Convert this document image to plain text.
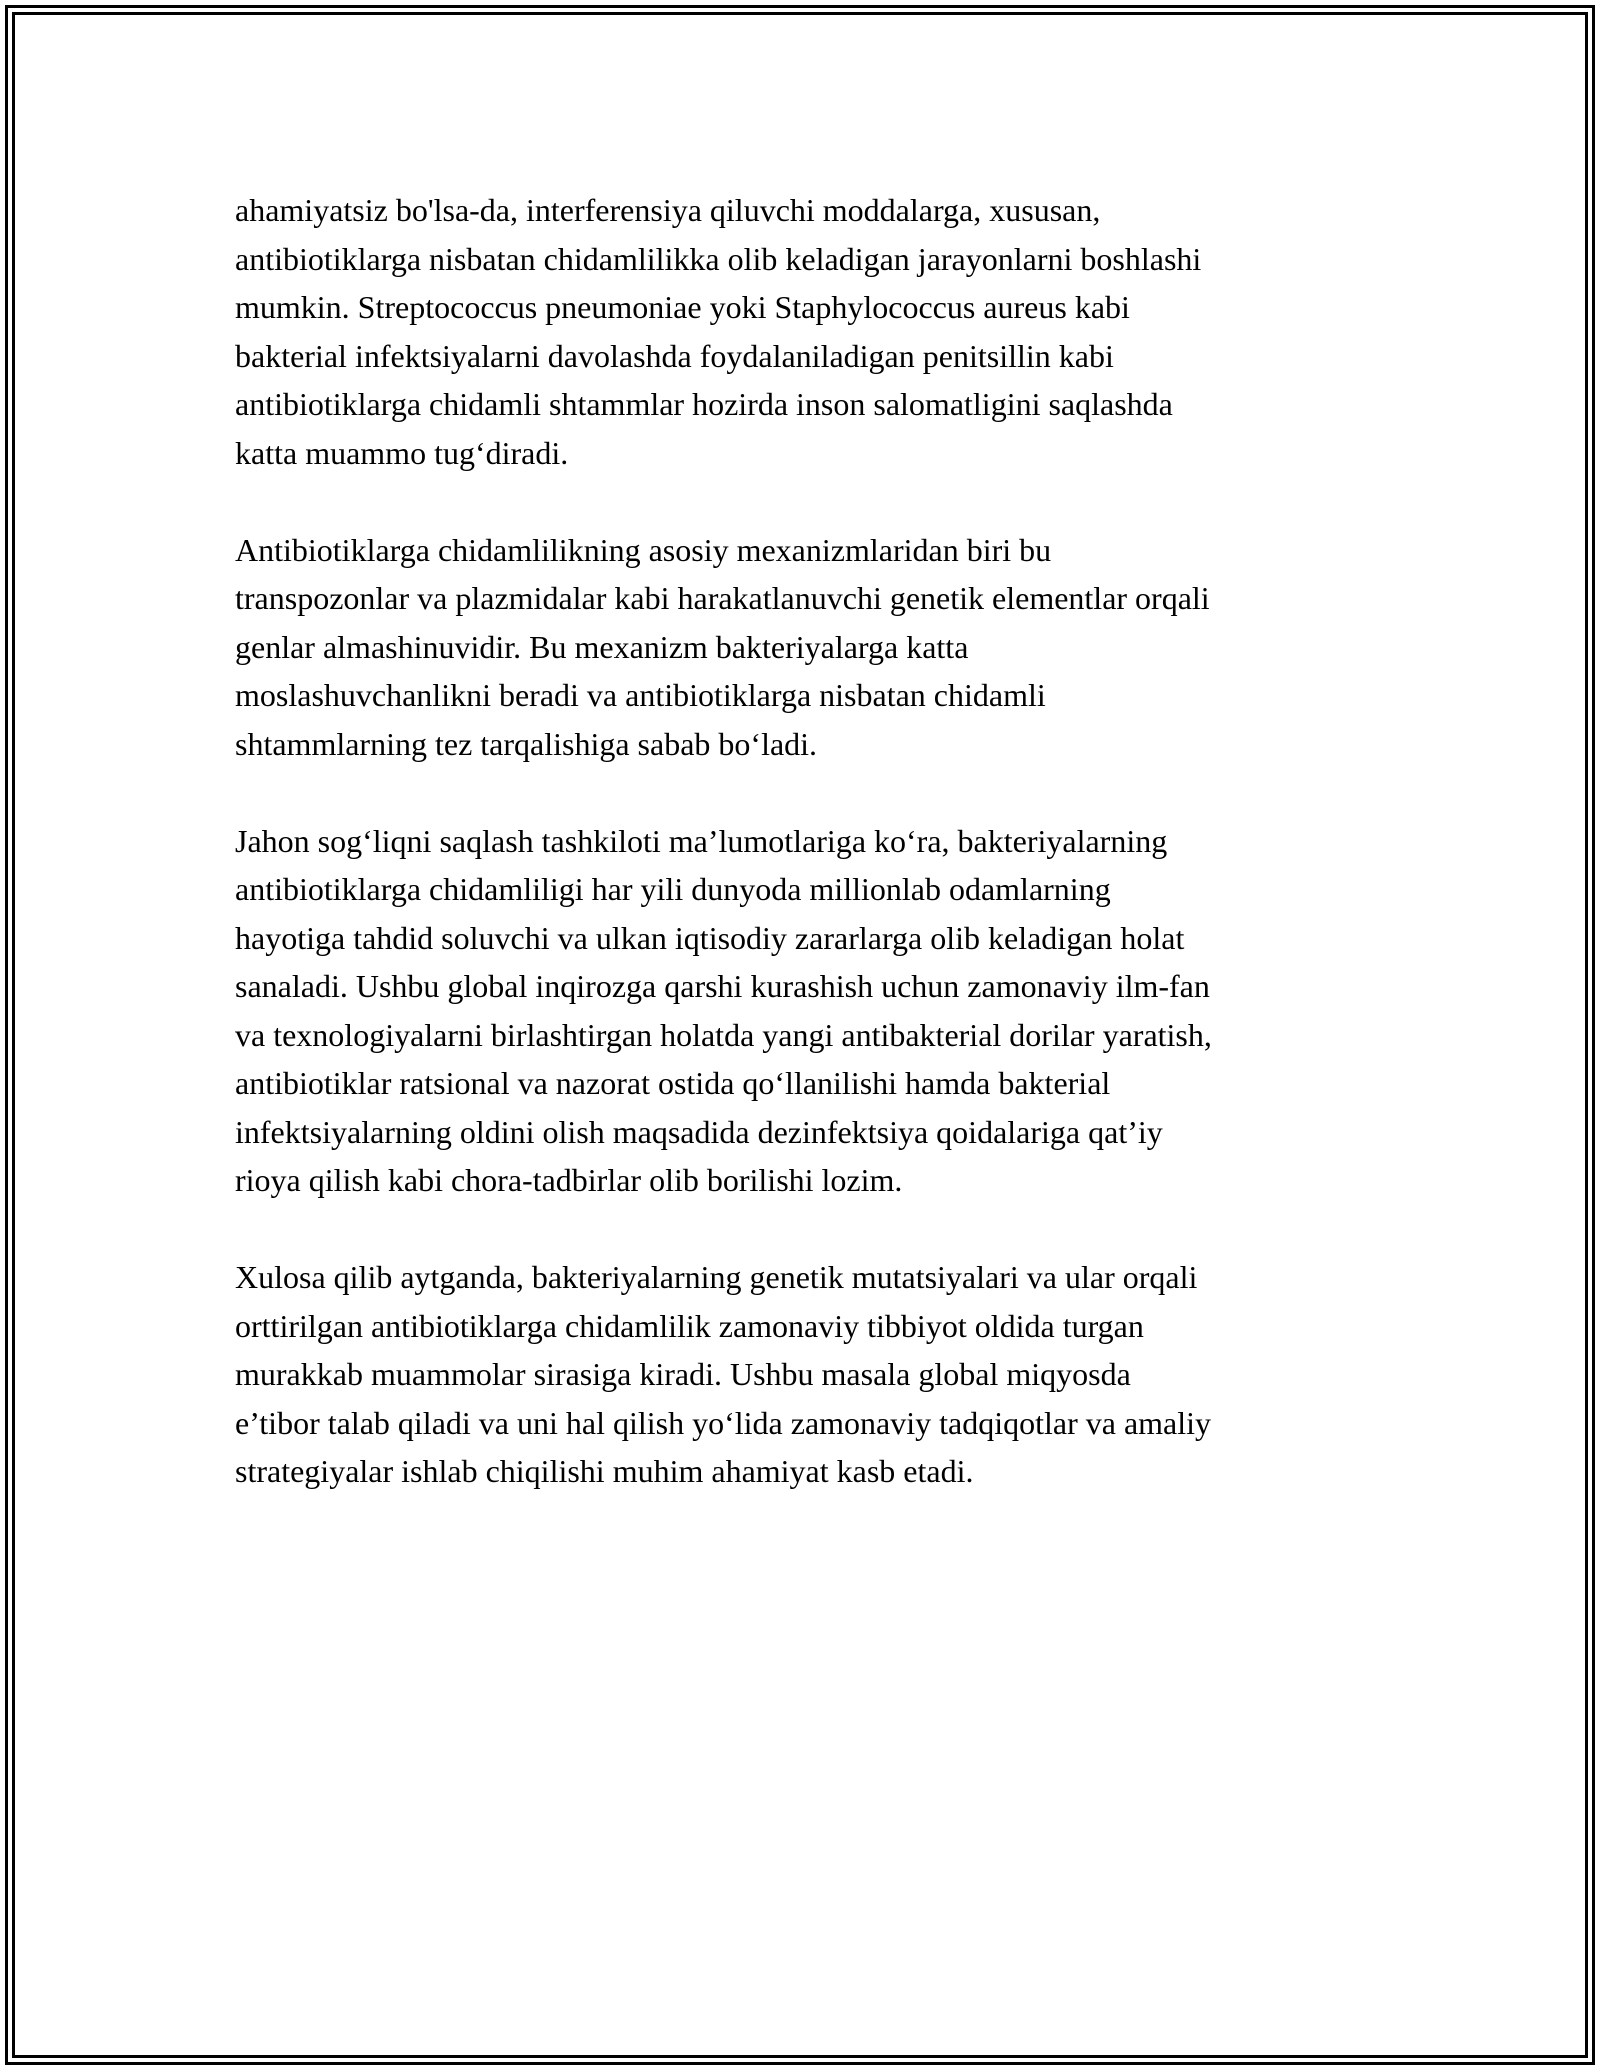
ahamiyatsiz bo'lsa-da, interferensiya qiluvchi moddalarga, xususan,
antibiotiklarga nisbatan chidamlilikka olib keladigan jarayonlarni boshlashi
mumkin. Streptococcus pneumoniae yoki Staphylococcus aureus kabi
bakterial infektsiyalarni davolashda foydalaniladigan penitsillin kabi
antibiotiklarga chidamli shtammlar hozirda inson salomatligini saqlashda
katta muammo tug‘diradi.

Antibiotiklarga chidamlilikning asosiy mexanizmlaridan biri bu
transpozonlar va plazmidalar kabi harakatlanuvchi genetik elementlar orqali
genlar almashinuvidir. Bu mexanizm bakteriyalarga katta
moslashuvchanlikni beradi va antibiotiklarga nisbatan chidamli
shtammlarning tez tarqalishiga sabab bo‘ladi.

Jahon sog‘liqni saqlash tashkiloti ma’lumotlariga ko‘ra, bakteriyalarning
antibiotiklarga chidamliligi har yili dunyoda millionlab odamlarning
hayotiga tahdid soluvchi va ulkan iqtisodiy zararlarga olib keladigan holat
sanaladi. Ushbu global inqirozga qarshi kurashish uchun zamonaviy ilm-fan
va texnologiyalarni birlashtirgan holatda yangi antibakterial dorilar yaratish,
antibiotiklar ratsional va nazorat ostida qo‘llanilishi hamda bakterial
infektsiyalarning oldini olish maqsadida dezinfektsiya qoidalariga qat’iy
rioya qilish kabi chora-tadbirlar olib borilishi lozim.

Xulosa qilib aytganda, bakteriyalarning genetik mutatsiyalari va ular orqali
orttirilgan antibiotiklarga chidamlilik zamonaviy tibbiyot oldida turgan
murakkab muammolar sirasiga kiradi. Ushbu masala global miqyosda
e’tibor talab qiladi va uni hal qilish yo‘lida zamonaviy tadqiqotlar va amaliy
strategiyalar ishlab chiqilishi muhim ahamiyat kasb etadi.
